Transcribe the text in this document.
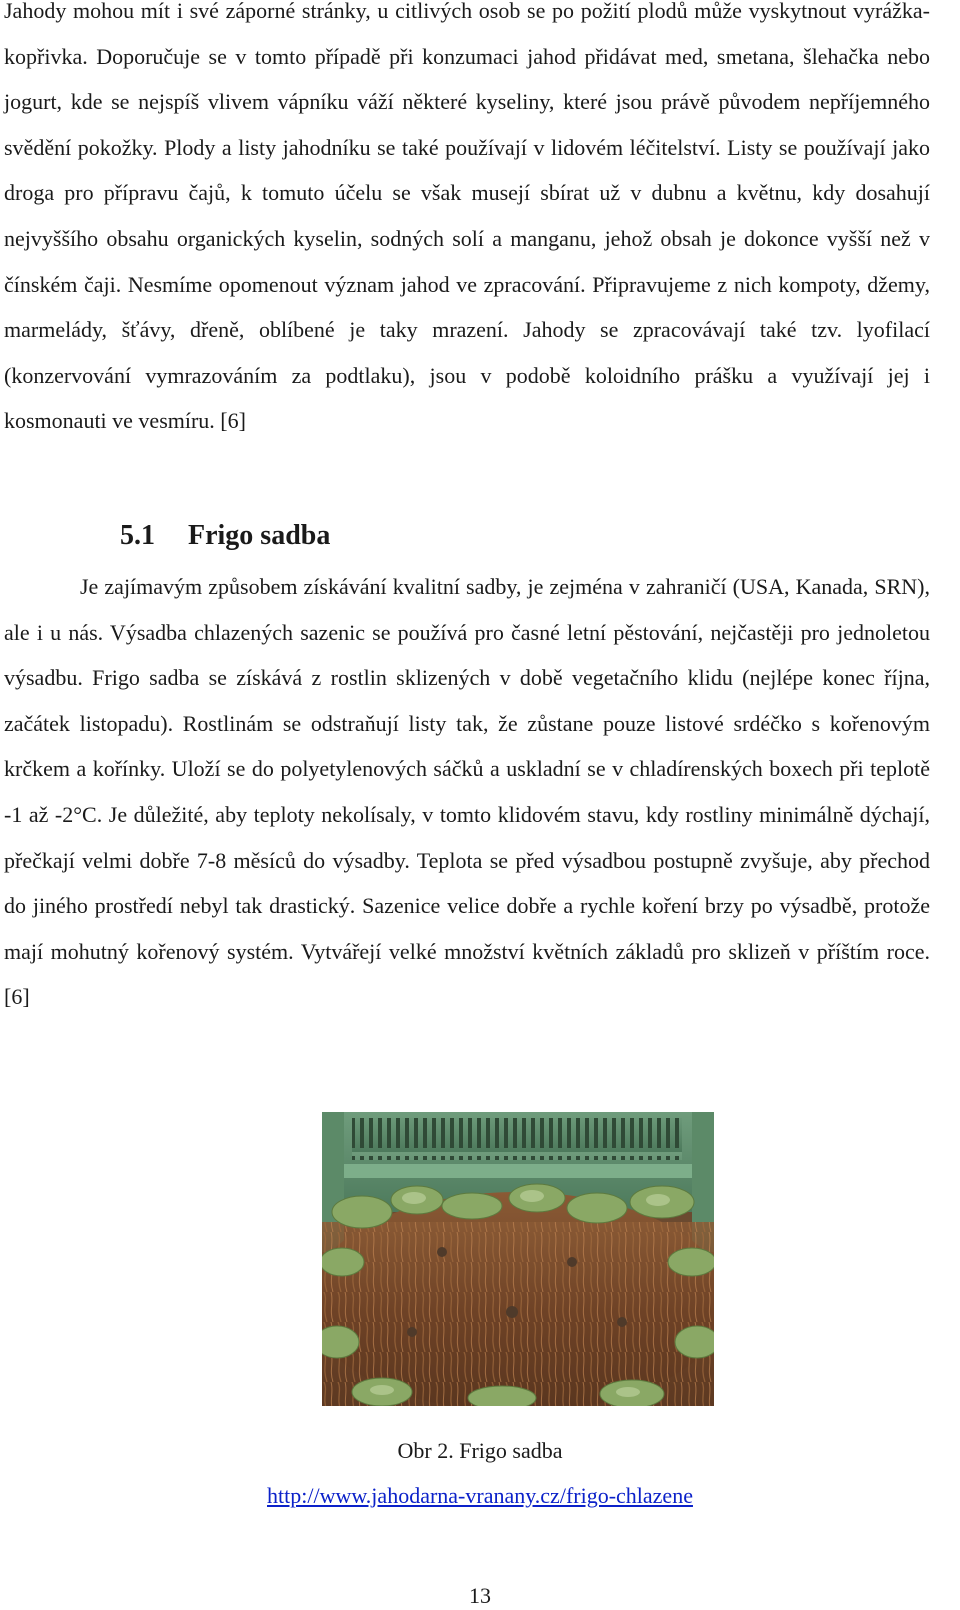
Jahody mohou mít i své záporné stránky, u citlivých osob se po požití plodů může vyskytnout vyrážka-kopřivka. Doporučuje se v tomto případě při konzumaci jahod přidávat med, smetana, šlehačka nebo jogurt, kde se nejspíš vlivem vápníku váží některé kyseliny, které jsou právě původem nepříjemného svědění pokožky. Plody a listy jahodníku se také používají v lidovém léčitelství. Listy se používají jako droga pro přípravu čajů, k tomuto účelu se však musejí sbírat už v dubnu a květnu, kdy dosahují nejvyššího obsahu organických kyselin, sodných solí a manganu, jehož obsah je dokonce vyšší než v čínském čaji. Nesmíme opomenout význam jahod ve zpracování. Připravujeme z nich kompoty, džemy, marmelády, šťávy, dřeně, oblíbené je taky mrazení. Jahody se zpracovávají také tzv. lyofilací (konzervování vymrazováním za podtlaku), jsou v podobě koloidního prášku a využívají jej i kosmonauti ve vesmíru. [6]

5.1 Frigo sadba

Je zajímavým způsobem získávání kvalitní sadby, je zejména v zahraničí (USA, Kanada, SRN), ale i u nás. Výsadba chlazených sazenic se používá pro časné letní pěstování, nejčastěji pro jednoletou výsadbu. Frigo sadba se získává z rostlin sklizených v době vegetačního klidu (nejlépe konec října, začátek listopadu). Rostlinám se odstraňují listy tak, že zůstane pouze listové srdéčko s kořenovým krčkem a kořínky. Uloží se do polyetylenových sáčků a uskladní se v chladírenských boxech při teplotě -1 až -2°C. Je důležité, aby teploty nekolísaly, v tomto klidovém stavu, kdy rostliny minimálně dýchají, přečkají velmi dobře 7-8 měsíců do výsadby. Teplota se před výsadbou postupně zvyšuje, aby přechod do jiného prostředí nebyl tak drastický. Sazenice velice dobře a rychle koření brzy po výsadbě, protože mají mohutný kořenový systém. Vytvářejí velké množství květních základů pro sklizeň v příštím roce. [6]

Obr 2. Frigo sadba

http://www.jahodarna-vranany.cz/frigo-chlazene

13
